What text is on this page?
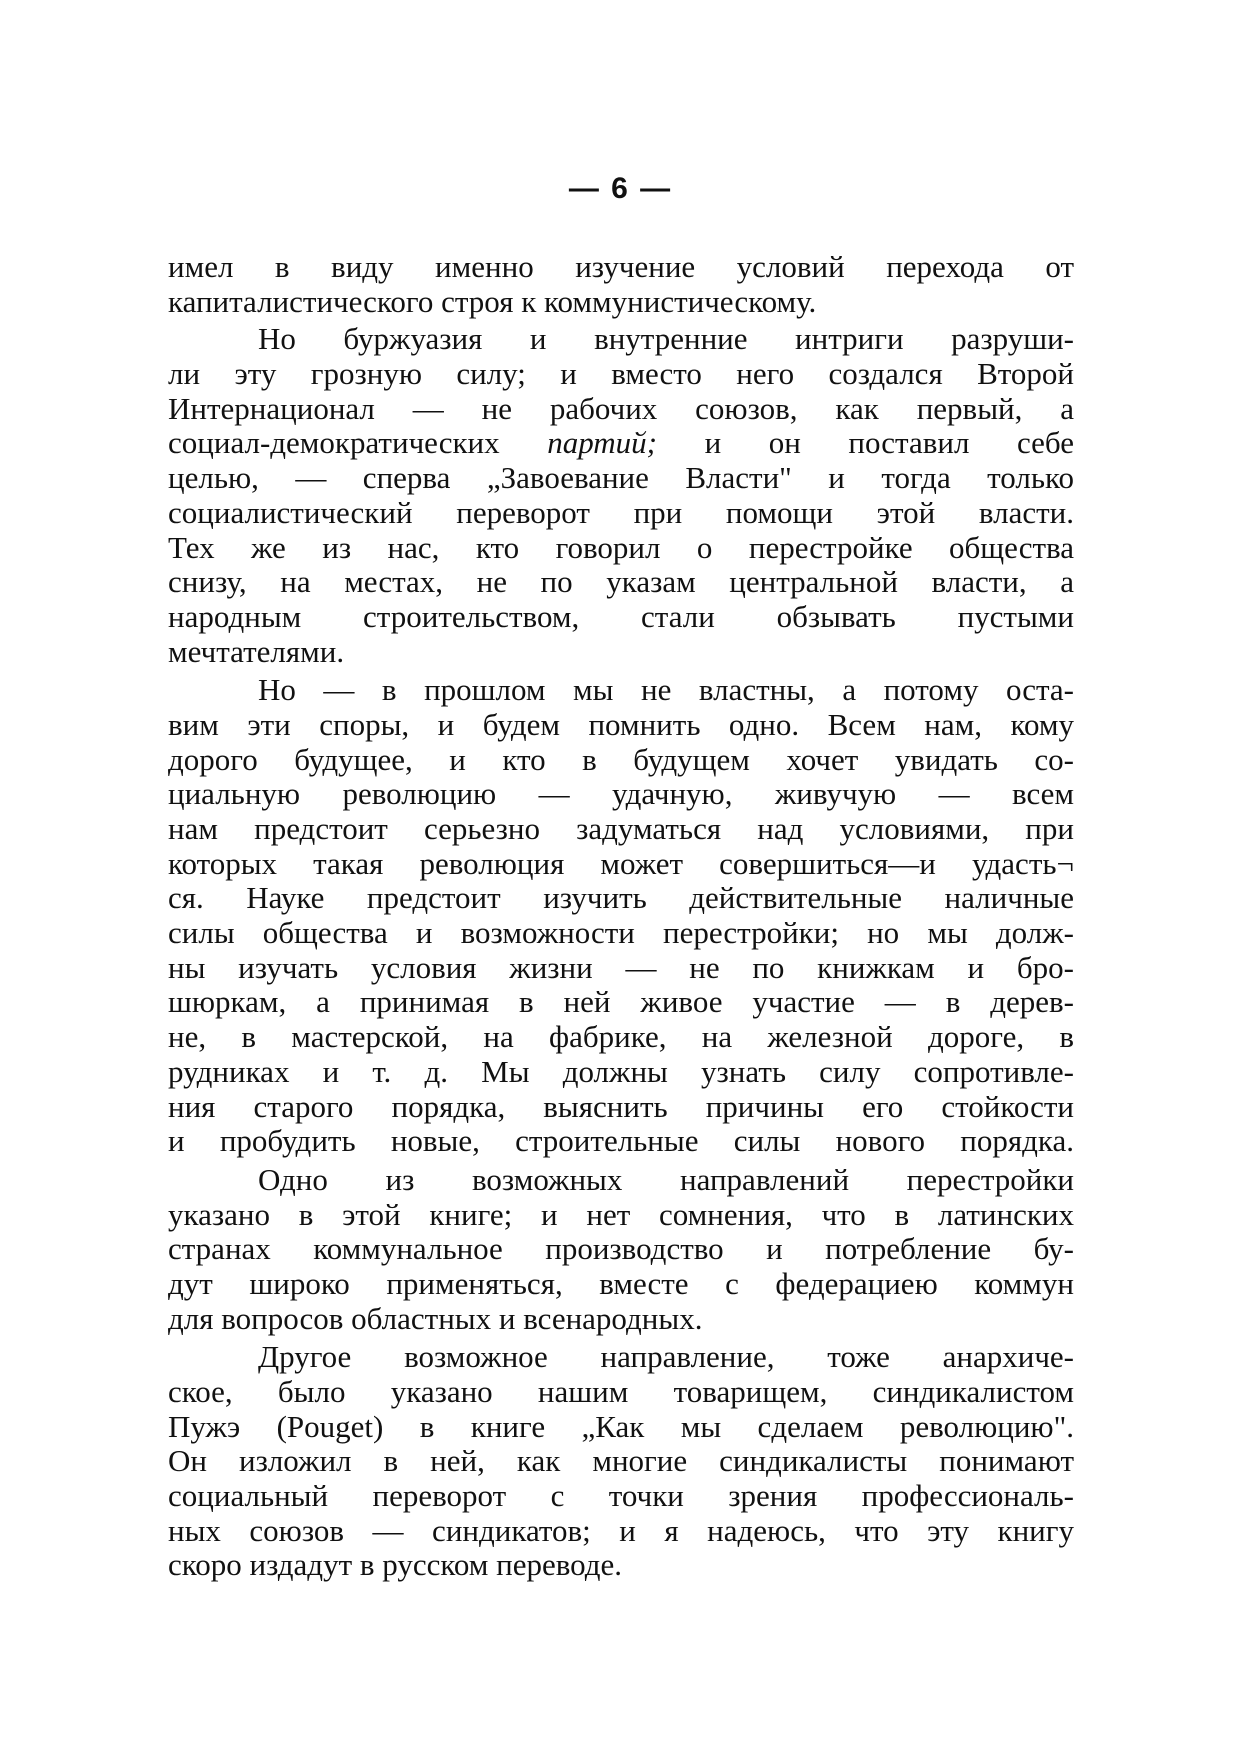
— 6 —
имел в виду именно изучение условий перехода от
капиталистического строя к коммунистическому.
Но буржуазия и внутренние интриги разруши-
ли эту грозную силу; и вместо него создался Второй
Интернационал — не рабочих союзов, как первый, а
социал-демократических партий; и он поставил себе
целью, — сперва „Завоевание Власти" и тогда только
социалистический переворот при помощи этой власти.
Тех же из нас, кто говорил о перестройке общества
снизу, на местах, не по указам центральной власти, а
народным строительством, стали обзывать пустыми
мечтателями.
Но — в прошлом мы не властны, а потому оста-
вим эти споры, и будем помнить одно. Всем нам, кому
дорого будущее, и кто в будущем хочет увидать со-
циальную революцию — удачную, живучую — всем
нам предстоит серьезно задуматься над условиями, при
которых такая революция может совершиться—и удасть¬
ся. Науке предстоит изучить действительные наличные
силы общества и возможности перестройки; но мы долж-
ны изучать условия жизни — не по книжкам и бро-
шюркам, а принимая в ней живое участие — в дерев-
не, в мастерской, на фабрике, на железной дороге, в
рудниках и т. д. Мы должны узнать силу сопротивле-
ния старого порядка, выяснить причины его стойкости
и пробудить новые, строительные силы нового порядка.
Одно из возможных направлений перестройки
указано в этой книге; и нет сомнения, что в латинских
странах коммунальное производство и потребление бу-
дут широко применяться, вместе с федерациею коммун
для вопросов областных и всенародных.
Другое возможное направление, тоже анархиче-
ское, было указано нашим товарищем, синдикалистом
Пужэ (Pouget) в книге „Как мы сделаем революцию".
Он изложил в ней, как многие синдикалисты понимают
социальный переворот с точки зрения профессиональ-
ных союзов — синдикатов; и я надеюсь, что эту книгу
скоро издадут в русском переводе.
